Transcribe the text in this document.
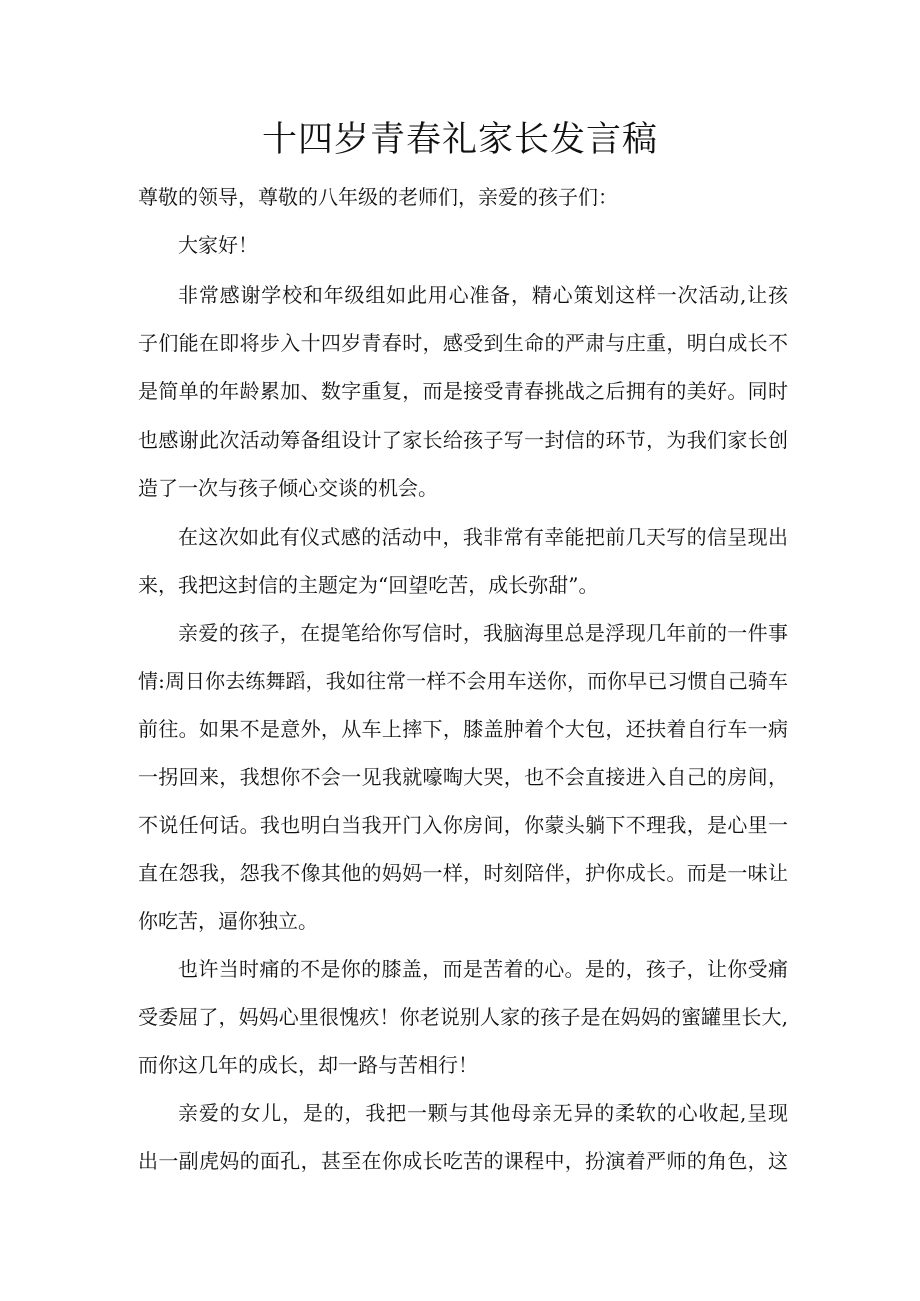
十四岁青春礼家长发言稿
尊敬的领导，尊敬的八年级的老师们，亲爱的孩子们：
大家好！
非常感谢学校和年级组如此用心准备，精心策划这样一次活动,让孩
子们能在即将步入十四岁青春时，感受到生命的严肃与庄重，明白成长不
是简单的年龄累加、数字重复，而是接受青春挑战之后拥有的美好。同时
也感谢此次活动筹备组设计了家长给孩子写一封信的环节，为我们家长创
造了一次与孩子倾心交谈的机会。
在这次如此有仪式感的活动中，我非常有幸能把前几天写的信呈现出
来，我把这封信的主题定为“回望吃苦，成长弥甜”。
亲爱的孩子，在提笔给你写信时，我脑海里总是浮现几年前的一件事
情:周日你去练舞蹈，我如往常一样不会用车送你，而你早已习惯自己骑车
前往。如果不是意外，从车上摔下，膝盖肿着个大包，还扶着自行车一病
一拐回来，我想你不会一见我就嚎啕大哭，也不会直接进入自己的房间，
不说任何话。我也明白当我开门入你房间，你蒙头躺下不理我，是心里一
直在怨我，怨我不像其他的妈妈一样，时刻陪伴，护你成长。而是一味让
你吃苦，逼你独立。
也许当时痛的不是你的膝盖，而是苦着的心。是的，孩子，让你受痛
受委屈了，妈妈心里很愧疚！你老说别人家的孩子是在妈妈的蜜罐里长大,
而你这几年的成长，却一路与苦相行！
亲爱的女儿，是的，我把一颗与其他母亲无异的柔软的心收起,呈现
出一副虎妈的面孔，甚至在你成长吃苦的课程中，扮演着严师的角色，这
